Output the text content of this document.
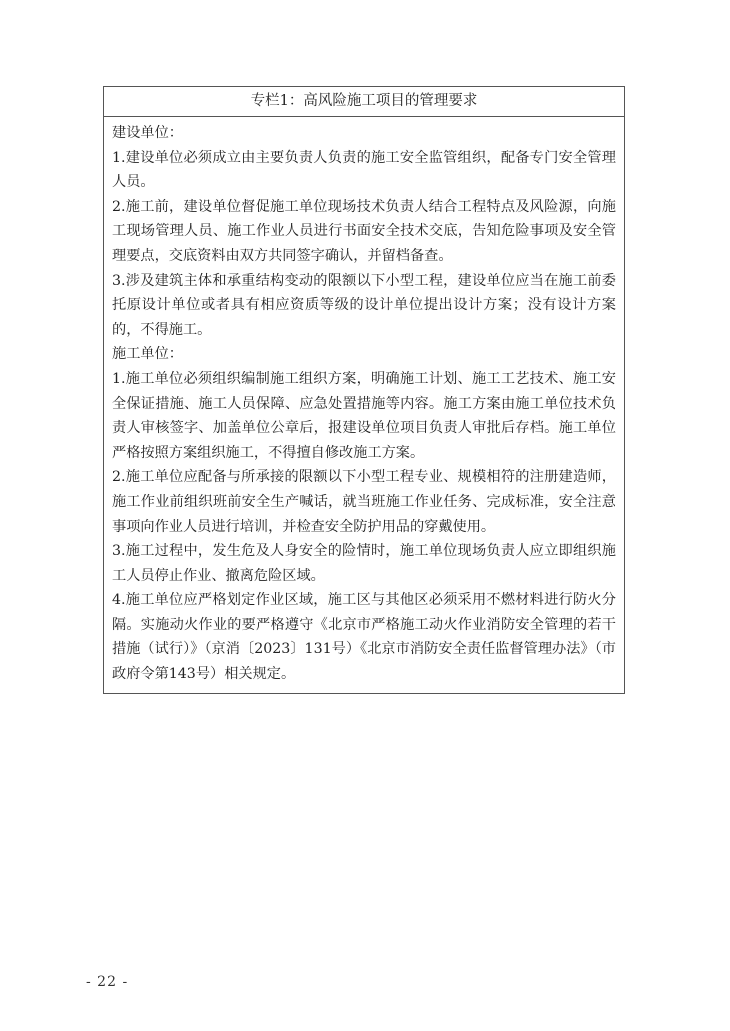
专栏1：高风险施工项目的管理要求

建设单位：

1.建设单位必须成立由主要负责人负责的施工安全监管组织，配备专门安全管理人员。

2.施工前，建设单位督促施工单位现场技术负责人结合工程特点及风险源，向施工现场管理人员、施工作业人员进行书面安全技术交底，告知危险事项及安全管理要点，交底资料由双方共同签字确认，并留档备查。

3.涉及建筑主体和承重结构变动的限额以下小型工程，建设单位应当在施工前委托原设计单位或者具有相应资质等级的设计单位提出设计方案；没有设计方案的，不得施工。

施工单位：

1.施工单位必须组织编制施工组织方案，明确施工计划、施工工艺技术、施工安全保证措施、施工人员保障、应急处置措施等内容。施工方案由施工单位技术负责人审核签字、加盖单位公章后，报建设单位项目负责人审批后存档。施工单位严格按照方案组织施工，不得擅自修改施工方案。

2.施工单位应配备与所承接的限额以下小型工程专业、规模相符的注册建造师，施工作业前组织班前安全生产喊话，就当班施工作业任务、完成标准，安全注意事项向作业人员进行培训，并检查安全防护用品的穿戴使用。

3.施工过程中，发生危及人身安全的险情时，施工单位现场负责人应立即组织施工人员停止作业、撤离危险区域。

4.施工单位应严格划定作业区域，施工区与其他区必须采用不燃材料进行防火分隔。实施动火作业的要严格遵守《北京市严格施工动火作业消防安全管理的若干措施（试行）》（京消〔2023〕131号）《北京市消防安全责任监督管理办法》（市政府令第143号）相关规定。

- 22 -
